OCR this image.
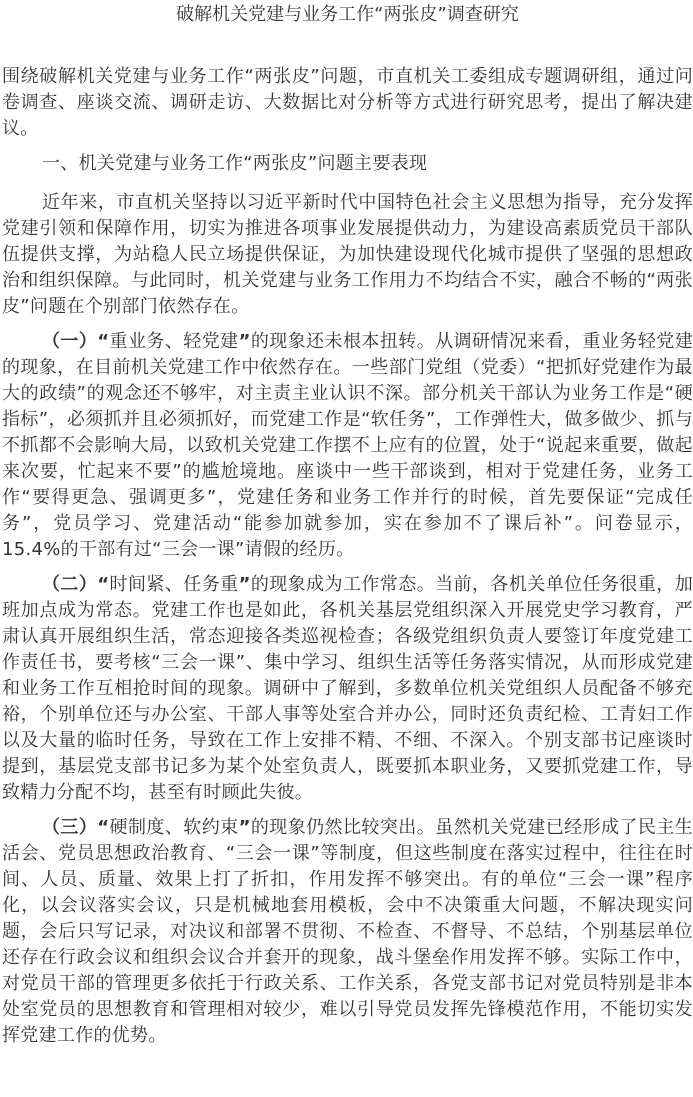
破解机关党建与业务工作“两张皮”调查研究

围绕破解机关党建与业务工作“两张皮”问题，市直机关工委组成专题调研组，通过问卷调查、座谈交流、调研走访、大数据比对分析等方式进行研究思考，提出了解决建议。

一、机关党建与业务工作“两张皮”问题主要表现

近年来，市直机关坚持以习近平新时代中国特色社会主义思想为指导，充分发挥党建引领和保障作用，切实为推进各项事业发展提供动力，为建设高素质党员干部队伍提供支撑，为站稳人民立场提供保证，为加快建设现代化城市提供了坚强的思想政治和组织保障。与此同时，机关党建与业务工作用力不均结合不实，融合不畅的“两张皮”问题在个别部门依然存在。

（一）“重业务、轻党建”的现象还未根本扭转。从调研情况来看，重业务轻党建的现象，在目前机关党建工作中依然存在。一些部门党组（党委）“把抓好党建作为最大的政绩”的观念还不够牢，对主责主业认识不深。部分机关干部认为业务工作是“硬指标”，必须抓并且必须抓好，而党建工作是“软任务”，工作弹性大，做多做少、抓与不抓都不会影响大局，以致机关党建工作摆不上应有的位置，处于“说起来重要，做起来次要，忙起来不要”的尴尬境地。座谈中一些干部谈到，相对于党建任务，业务工作“要得更急、强调更多”，党建任务和业务工作并行的时候，首先要保证“完成任务”，党员学习、党建活动“能参加就参加，实在参加不了课后补”。问卷显示，15.4%的干部有过“三会一课”请假的经历。

（二）“时间紧、任务重”的现象成为工作常态。当前，各机关单位任务很重，加班加点成为常态。党建工作也是如此，各机关基层党组织深入开展党史学习教育，严肃认真开展组织生活，常态迎接各类巡视检查；各级党组织负责人要签订年度党建工作责任书，要考核“三会一课”、集中学习、组织生活等任务落实情况，从而形成党建和业务工作互相抢时间的现象。调研中了解到，多数单位机关党组织人员配备不够充裕，个别单位还与办公室、干部人事等处室合并办公，同时还负责纪检、工青妇工作以及大量的临时任务，导致在工作上安排不精、不细、不深入。个别支部书记座谈时提到，基层党支部书记多为某个处室负责人，既要抓本职业务，又要抓党建工作，导致精力分配不均，甚至有时顾此失彼。

（三）“硬制度、软约束”的现象仍然比较突出。虽然机关党建已经形成了民主生活会、党员思想政治教育、“三会一课”等制度，但这些制度在落实过程中，往往在时间、人员、质量、效果上打了折扣，作用发挥不够突出。有的单位“三会一课”程序化，以会议落实会议，只是机械地套用模板，会中不决策重大问题，不解决现实问题，会后只写记录，对决议和部署不贯彻、不检查、不督导、不总结，个别基层单位还存在行政会议和组织会议合并套开的现象，战斗堡垒作用发挥不够。实际工作中，对党员干部的管理更多依托于行政关系、工作关系，各党支部书记对党员特别是非本处室党员的思想教育和管理相对较少，难以引导党员发挥先锋模范作用，不能切实发挥党建工作的优势。
